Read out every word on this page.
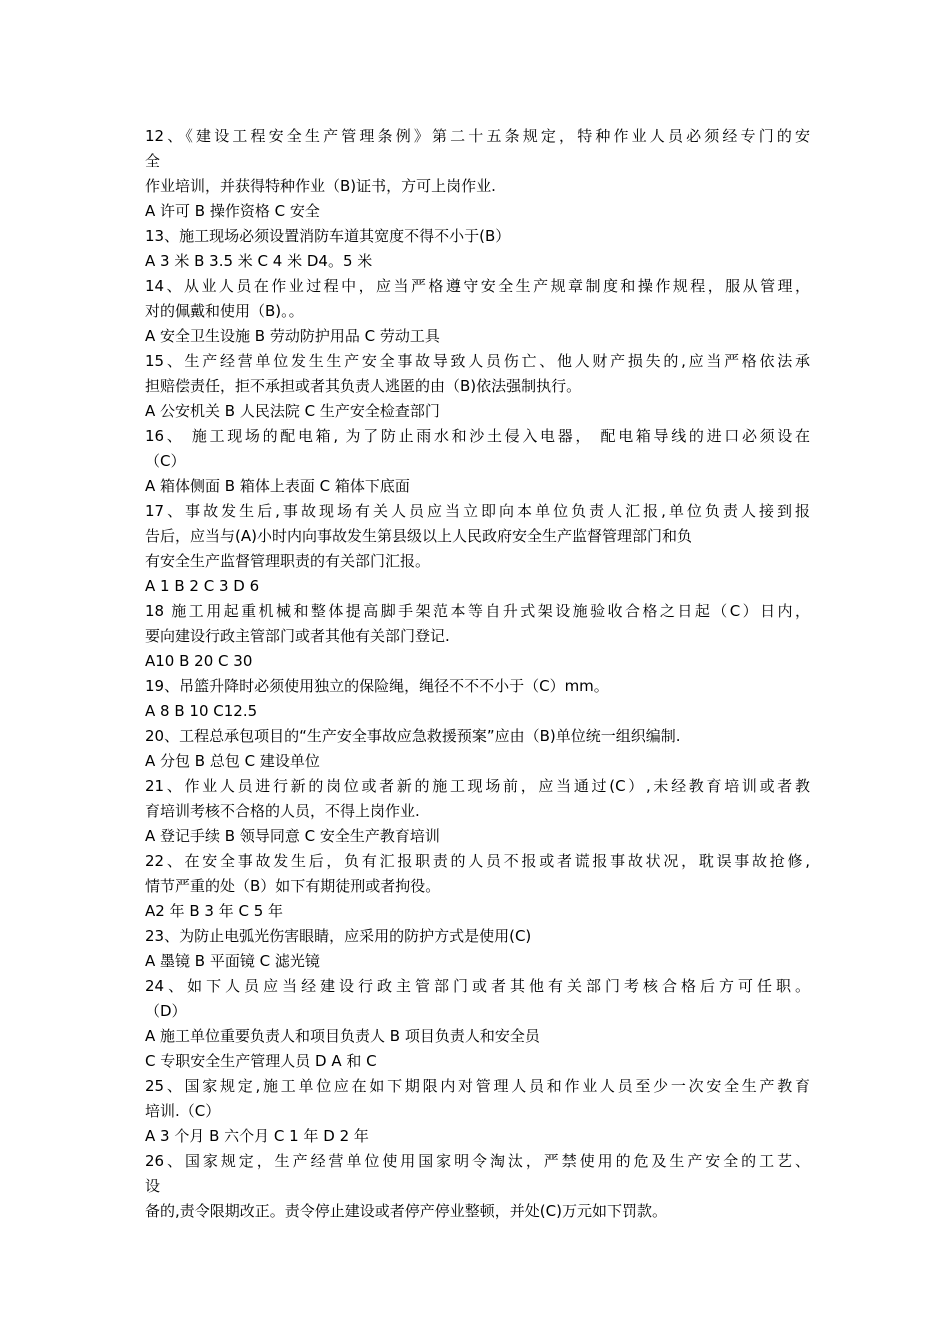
12、《建设工程安全生产管理条例》第二十五条规定，特种作业人员必须经专门的安
全
作业培训，并获得特种作业（B)证书，方可上岗作业.
A 许可 B 操作资格 C 安全
13、施工现场必须设置消防车道其宽度不得不小于(B）
A 3 米 B 3.5 米 C 4 米 D4。5 米
14、从业人员在作业过程中，应当严格遵守安全生产规章制度和操作规程，服从管理，
对的佩戴和使用（B)。。
A 安全卫生设施 B 劳动防护用品 C 劳动工具
15、生产经营单位发生生产安全事故导致人员伤亡、他人财产损失的,应当严格依法承
担赔偿责任，拒不承担或者其负责人逃匿的由（B)依法强制执行。
A 公安机关 B 人民法院 C 生产安全检查部门
16、 施工现场的配电箱, 为了防止雨水和沙土侵入电器， 配电箱导线的进口必须设在
（C）
A 箱体侧面 B 箱体上表面 C 箱体下底面
17、事故发生后,事故现场有关人员应当立即向本单位负责人汇报,单位负责人接到报
告后，应当与(A)小时内向事故发生第县级以上人民政府安全生产监督管理部门和负
有安全生产监督管理职责的有关部门汇报。
A 1 B 2 C 3 D 6
18 施工用起重机械和整体提高脚手架范本等自升式架设施验收合格之日起（C）日内，
要向建设行政主管部门或者其他有关部门登记.
A10 B 20 C 30
19、吊篮升降时必须使用独立的保险绳，绳径不不不小于（C）mm。
A 8 B 10 C12.5
20、工程总承包项目的“生产安全事故应急救援预案”应由（B)单位统一组织编制.
A 分包 B 总包 C 建设单位
21、作业人员进行新的岗位或者新的施工现场前，应当通过(C）,未经教育培训或者教
育培训考核不合格的人员，不得上岗作业.
A 登记手续 B 领导同意 C 安全生产教育培训
22、在安全事故发生后，负有汇报职责的人员不报或者谎报事故状况，耽误事故抢修,
情节严重的处（B）如下有期徒刑或者拘役。
A2 年 B 3 年 C 5 年
23、为防止电弧光伤害眼睛，应采用的防护方式是使用(C)
A 墨镜 B 平面镜 C 滤光镜
24、如下人员应当经建设行政主管部门或者其他有关部门考核合格后方可任职。
（D）
A 施工单位重要负责人和项目负责人 B 项目负责人和安全员
C 专职安全生产管理人员 D A 和 C
25、国家规定,施工单位应在如下期限内对管理人员和作业人员至少一次安全生产教育
培训.（C）
A 3 个月 B 六个月 C 1 年 D 2 年
26、国家规定，生产经营单位使用国家明令淘汰，严禁使用的危及生产安全的工艺、
设
备的,责令限期改正。责令停止建设或者停产停业整顿，并处(C)万元如下罚款。
